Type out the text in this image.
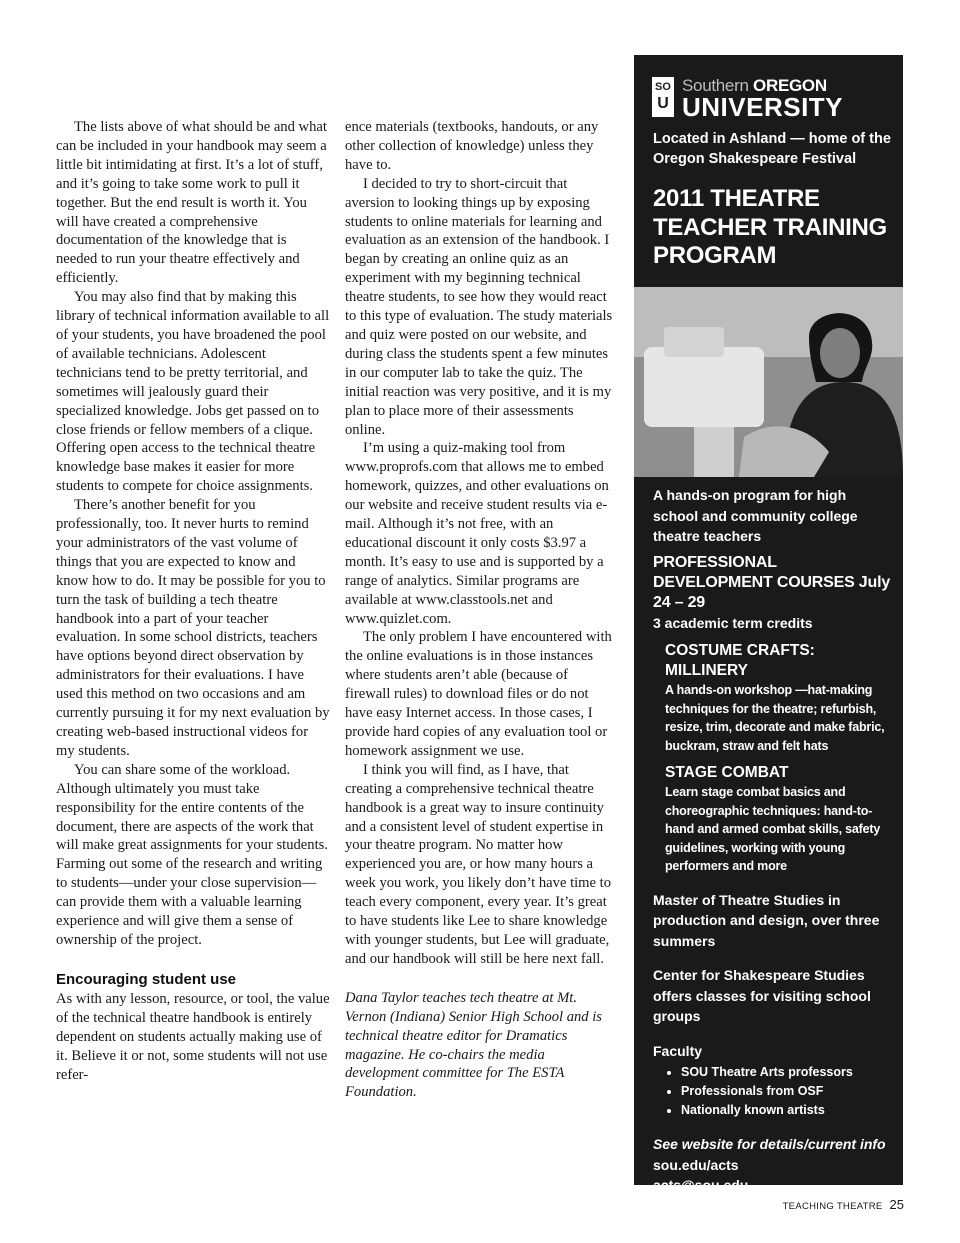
The lists above of what should be and what can be included in your handbook may seem a little bit intimidating at first. It’s a lot of stuff, and it’s going to take some work to pull it together. But the end result is worth it. You will have created a comprehensive documentation of the knowledge that is needed to run your theatre effectively and efficiently.

You may also find that by making this library of technical information available to all of your students, you have broadened the pool of available technicians. Adolescent technicians tend to be pretty territorial, and sometimes will jealously guard their specialized knowledge. Jobs get passed on to close friends or fellow members of a clique. Offering open access to the technical theatre knowledge base makes it easier for more students to compete for choice assignments.

There’s another benefit for you professionally, too. It never hurts to remind your administrators of the vast volume of things that you are expected to know and know how to do. It may be possible for you to turn the task of building a tech theatre handbook into a part of your teacher evaluation. In some school districts, teachers have options beyond direct observation by administrators for their evaluations. I have used this method on two occasions and am currently pursuing it for my next evaluation by creating web-based instructional videos for my students.

You can share some of the workload. Although ultimately you must take responsibility for the entire contents of the document, there are aspects of the work that will make great assignments for your students. Farming out some of the research and writing to students—under your close supervision—can provide them with a valuable learning experience and will give them a sense of ownership of the project.

Encouraging student use

As with any lesson, resource, or tool, the value of the technical theatre handbook is entirely dependent on students actually making use of it. Believe it or not, some students will not use refer-

ence materials (textbooks, handouts, or any other collection of knowledge) unless they have to.

I decided to try to short-circuit that aversion to looking things up by exposing students to online materials for learning and evaluation as an extension of the handbook. I began by creating an online quiz as an experiment with my beginning technical theatre students, to see how they would react to this type of evaluation. The study materials and quiz were posted on our website, and during class the students spent a few minutes in our computer lab to take the quiz. The initial reaction was very positive, and it is my plan to place more of their assessments online.

I’m using a quiz-making tool from www.proprofs.com that allows me to embed homework, quizzes, and other evaluations on our website and receive student results via e-mail. Although it’s not free, with an educational discount it only costs $3.97 a month. It’s easy to use and is supported by a range of analytics. Similar programs are available at www.classtools.net and www.quizlet.com.

The only problem I have encountered with the online evaluations is in those instances where students aren’t able (because of firewall rules) to download files or do not have easy Internet access. In those cases, I provide hard copies of any evaluation tool or homework assignment we use.

I think you will find, as I have, that creating a comprehensive technical theatre handbook is a great way to insure continuity and a consistent level of student expertise in your theatre program. No matter how experienced you are, or how many hours a week you work, you likely don’t have time to teach every component, every year. It’s great to have students like Lee to share knowledge with younger students, but Lee will graduate, and our handbook will still be here next fall.

Dana Taylor teaches tech theatre at Mt. Vernon (Indiana) Senior High School and is technical theatre editor for Dramatics magazine. He co-chairs the media development committee for The ESTA Foundation.

SO
U
Southern OREGON
UNIVERSITY
Located in Ashland — home of the Oregon Shakespeare Festival
2011 THEATRE TEACHER TRAINING PROGRAM
A hands-on program for high school and community college theatre teachers
PROFESSIONAL DEVELOPMENT COURSES July 24 – 29
3 academic term credits
COSTUME CRAFTS: MILLINERY
A hands-on workshop —hat-making techniques for the theatre; refurbish, resize, trim, decorate and make fabric, buckram, straw and felt hats
STAGE COMBAT
Learn stage combat basics and choreographic techniques: hand-to-hand and armed combat skills, safety guidelines, working with young performers and more
Master of Theatre Studies in production and design, over three summers
Center for Shakespeare Studies offers classes for visiting school groups
Faculty
• SOU Theatre Arts professors
• Professionals from OSF
• Nationally known artists
See website for details/current info
sou.edu/acts
acts@sou.edu
541 552-6346	TEACHING THEATRE 25
